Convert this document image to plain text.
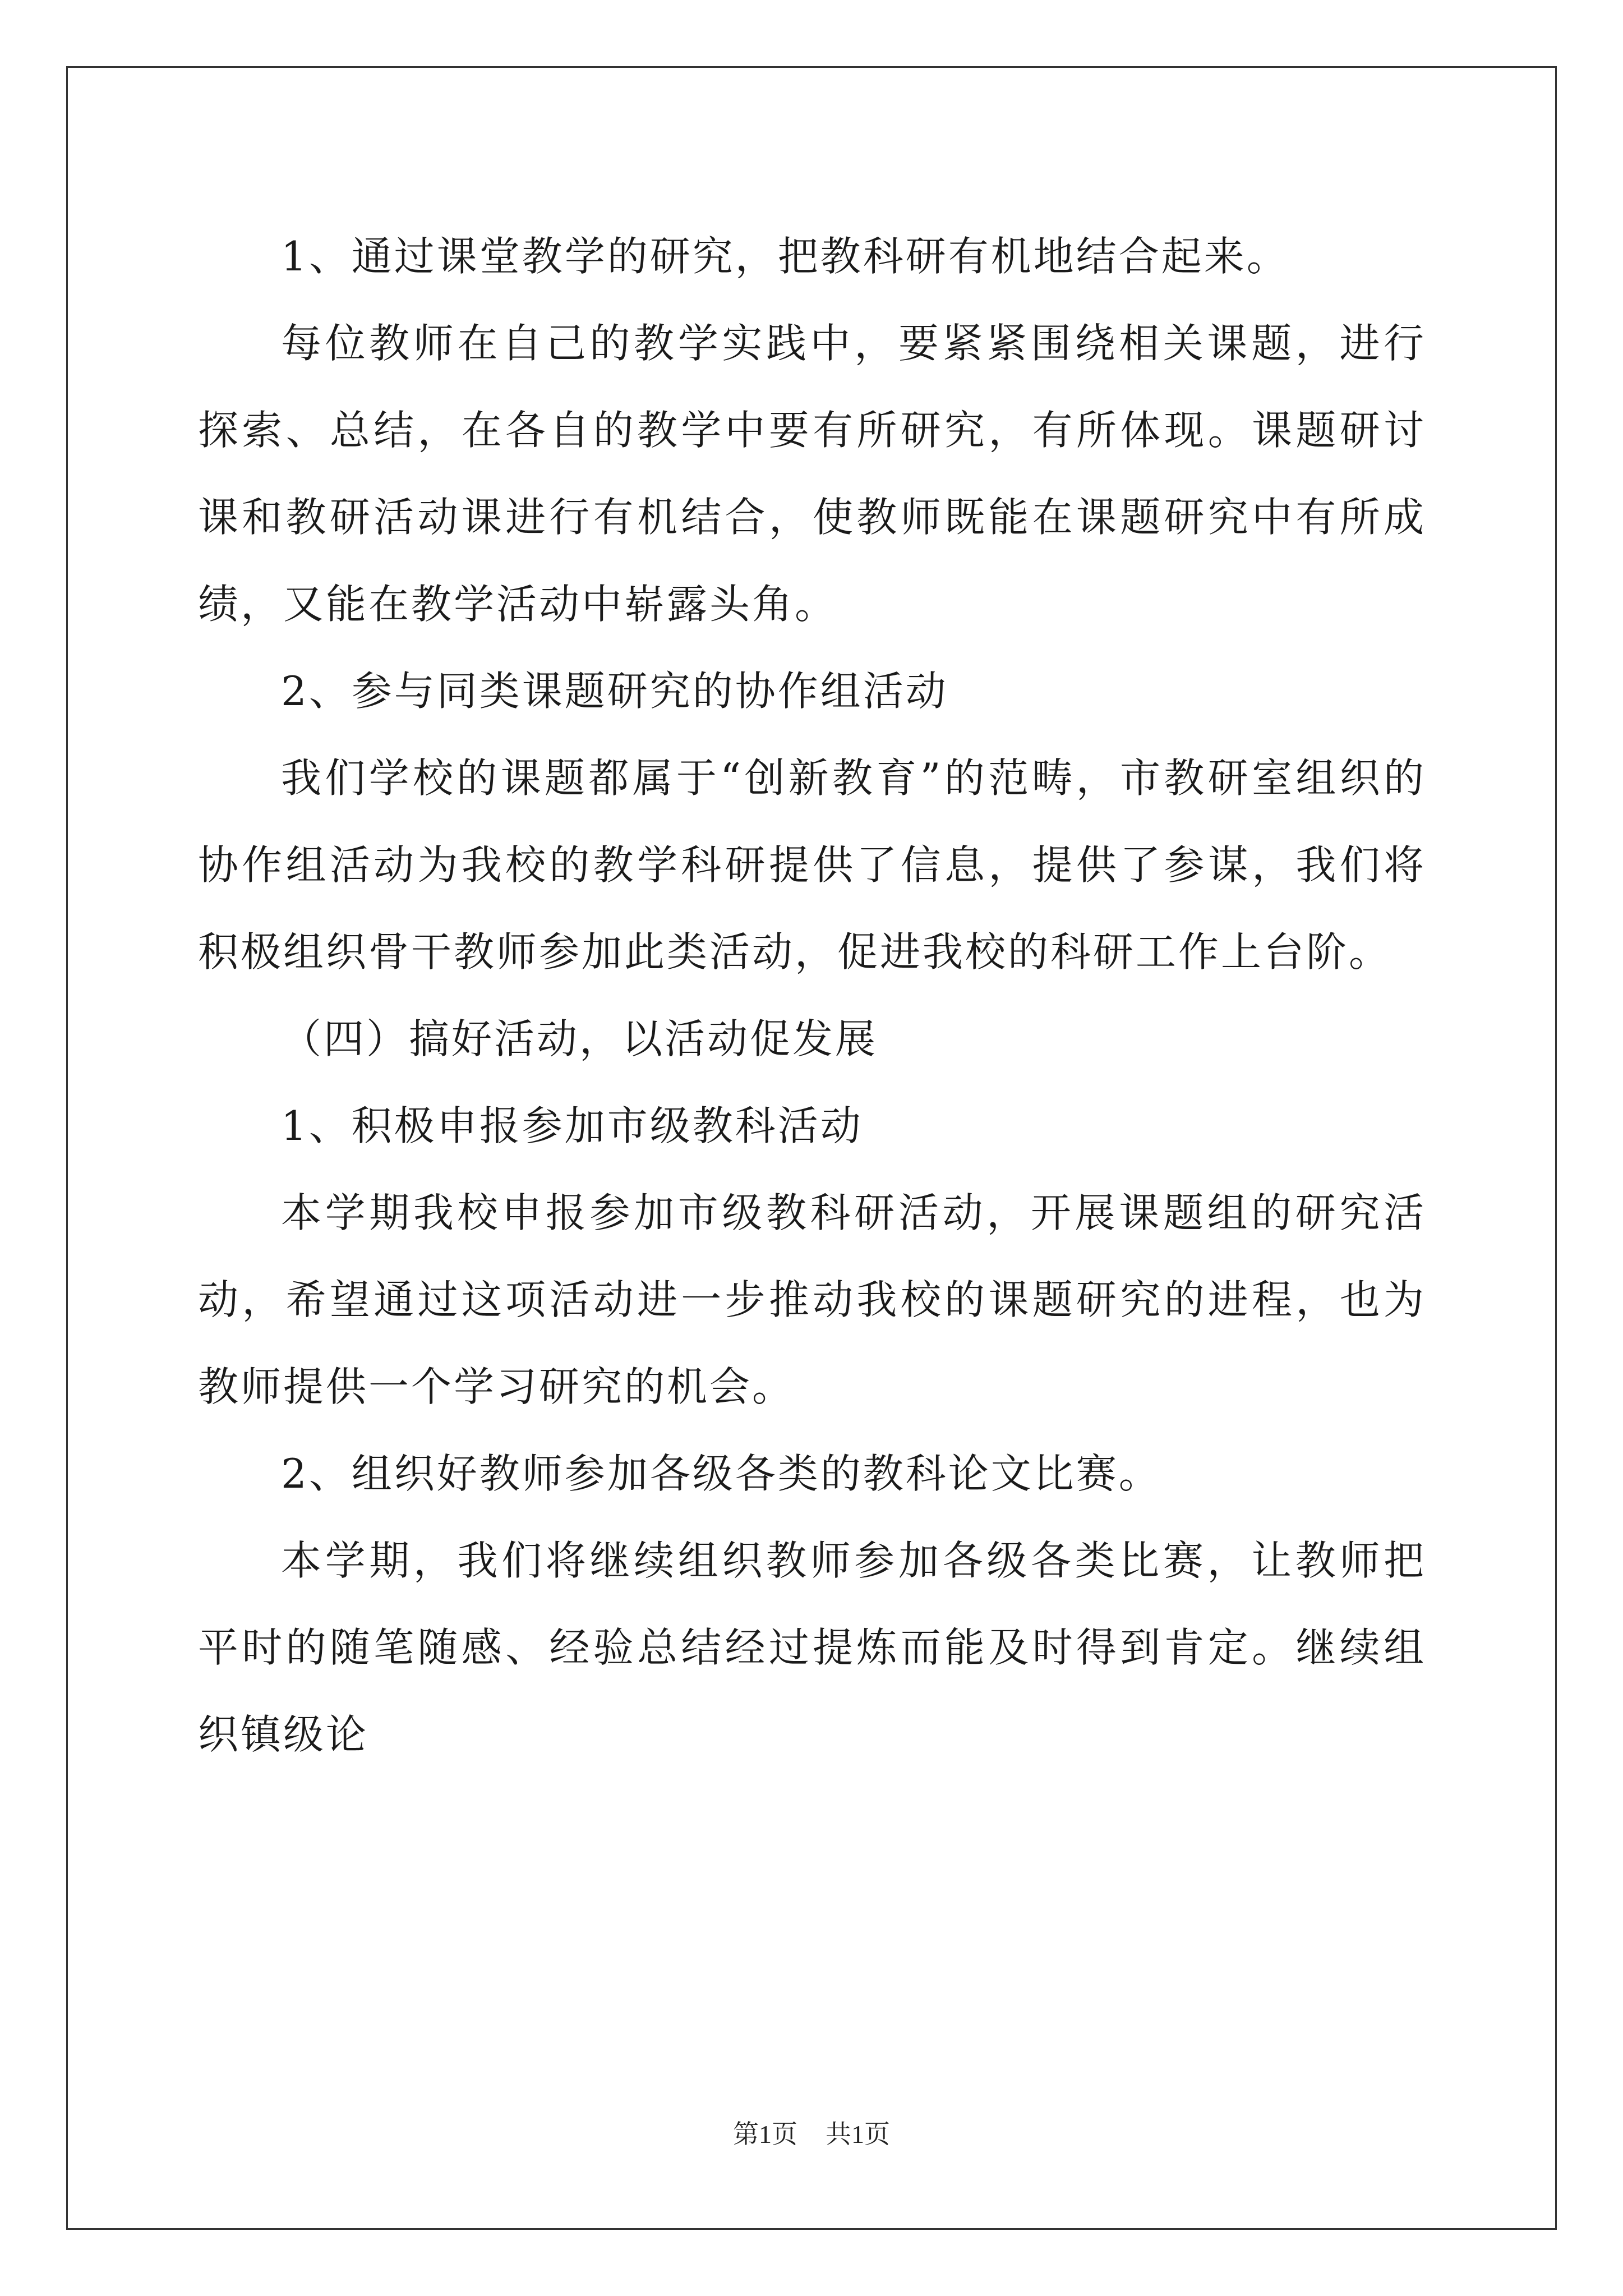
1、通过课堂教学的研究，把教科研有机地结合起来。

每位教师在自己的教学实践中，要紧紧围绕相关课题，进行探索、总结，在各自的教学中要有所研究，有所体现。课题研讨课和教研活动课进行有机结合，使教师既能在课题研究中有所成绩，又能在教学活动中崭露头角。

2、参与同类课题研究的协作组活动

我们学校的课题都属于“创新教育”的范畴，市教研室组织的协作组活动为我校的教学科研提供了信息，提供了参谋，我们将积极组织骨干教师参加此类活动，促进我校的科研工作上台阶。

（四）搞好活动，以活动促发展

1、积极申报参加市级教科活动

本学期我校申报参加市级教科研活动，开展课题组的研究活动，希望通过这项活动进一步推动我校的课题研究的进程，也为教师提供一个学习研究的机会。

2、组织好教师参加各级各类的教科论文比赛。

本学期，我们将继续组织教师参加各级各类比赛，让教师把平时的随笔随感、经验总结经过提炼而能及时得到肯定。继续组织镇级论

第1页 共1页
